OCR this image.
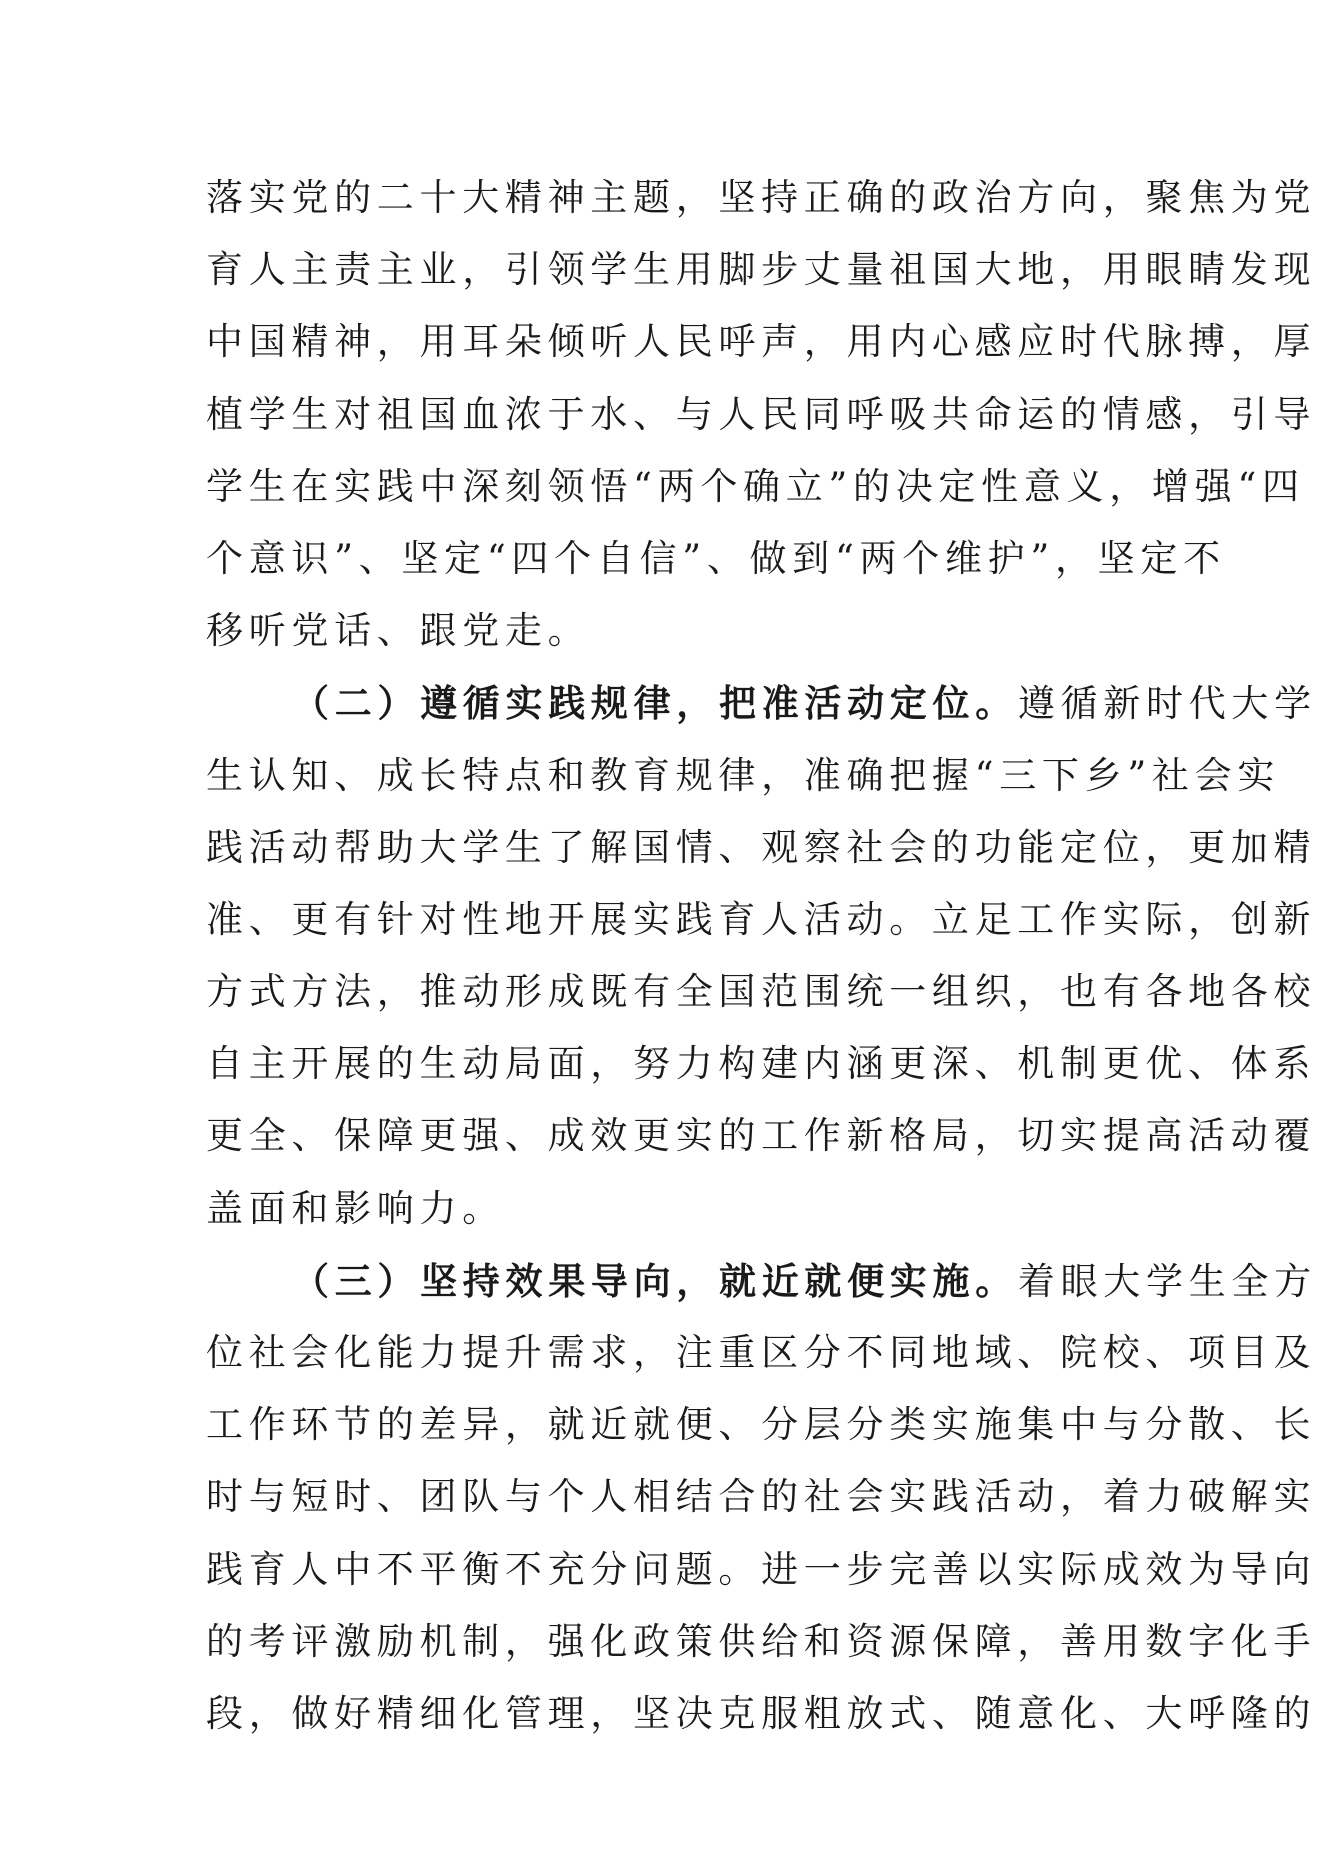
落实党的二十大精神主题，坚持正确的政治方向，聚焦为党
育人主责主业，引领学生用脚步丈量祖国大地，用眼睛发现
中国精神，用耳朵倾听人民呼声，用内心感应时代脉搏，厚
植学生对祖国血浓于水、与人民同呼吸共命运的情感，引导
学生在实践中深刻领悟“两个确立”的决定性意义，增强“四
个意识”、坚定“四个自信”、做到“两个维护”，坚定不
移听党话、跟党走。
（二）遵循实践规律，把准活动定位。遵循新时代大学
生认知、成长特点和教育规律，准确把握“三下乡”社会实
践活动帮助大学生了解国情、观察社会的功能定位，更加精
准、更有针对性地开展实践育人活动。立足工作实际，创新
方式方法，推动形成既有全国范围统一组织，也有各地各校
自主开展的生动局面，努力构建内涵更深、机制更优、体系
更全、保障更强、成效更实的工作新格局，切实提高活动覆
盖面和影响力。
（三）坚持效果导向，就近就便实施。着眼大学生全方
位社会化能力提升需求，注重区分不同地域、院校、项目及
工作环节的差异，就近就便、分层分类实施集中与分散、长
时与短时、团队与个人相结合的社会实践活动，着力破解实
践育人中不平衡不充分问题。进一步完善以实际成效为导向
的考评激励机制，强化政策供给和资源保障，善用数字化手
段，做好精细化管理，坚决克服粗放式、随意化、大呼隆的
